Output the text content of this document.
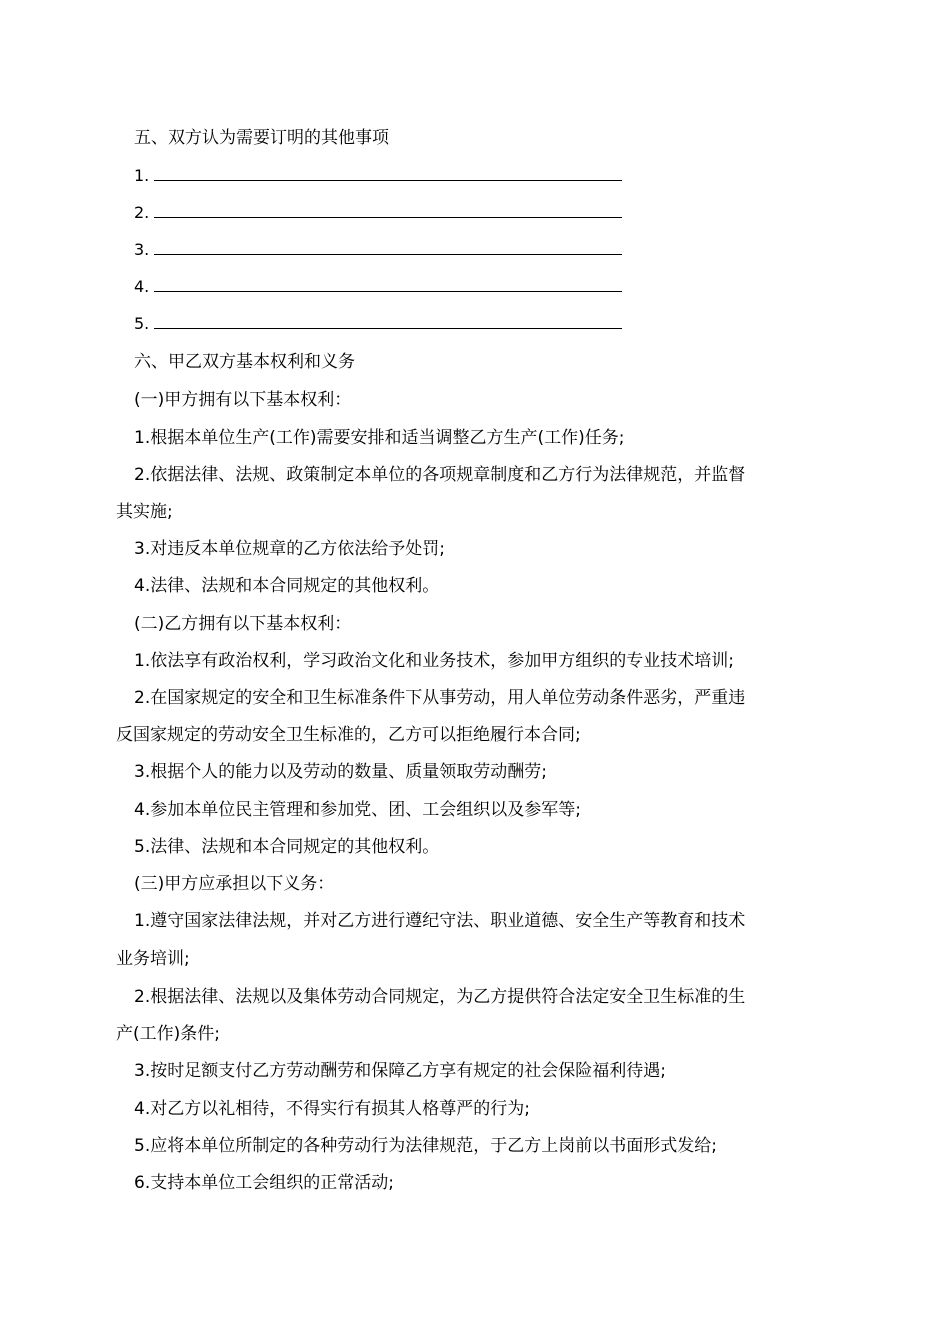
五、双方认为需要订明的其他事项
1.
2.
3.
4.
5.
六、甲乙双方基本权利和义务
(一)甲方拥有以下基本权利：
1.根据本单位生产(工作)需要安排和适当调整乙方生产(工作)任务;
2.依据法律、法规、政策制定本单位的各项规章制度和乙方行为法律规范，并监督
其实施;
3.对违反本单位规章的乙方依法给予处罚;
4.法律、法规和本合同规定的其他权利。
(二)乙方拥有以下基本权利：
1.依法享有政治权利，学习政治文化和业务技术，参加甲方组织的专业技术培训;
2.在国家规定的安全和卫生标准条件下从事劳动，用人单位劳动条件恶劣，严重违
反国家规定的劳动安全卫生标准的，乙方可以拒绝履行本合同;
3.根据个人的能力以及劳动的数量、质量领取劳动酬劳;
4.参加本单位民主管理和参加党、团、工会组织以及参军等;
5.法律、法规和本合同规定的其他权利。
(三)甲方应承担以下义务：
1.遵守国家法律法规，并对乙方进行遵纪守法、职业道德、安全生产等教育和技术
业务培训;
2.根据法律、法规以及集体劳动合同规定，为乙方提供符合法定安全卫生标准的生
产(工作)条件;
3.按时足额支付乙方劳动酬劳和保障乙方享有规定的社会保险福利待遇;
4.对乙方以礼相待，不得实行有损其人格尊严的行为;
5.应将本单位所制定的各种劳动行为法律规范，于乙方上岗前以书面形式发给;
6.支持本单位工会组织的正常活动;
